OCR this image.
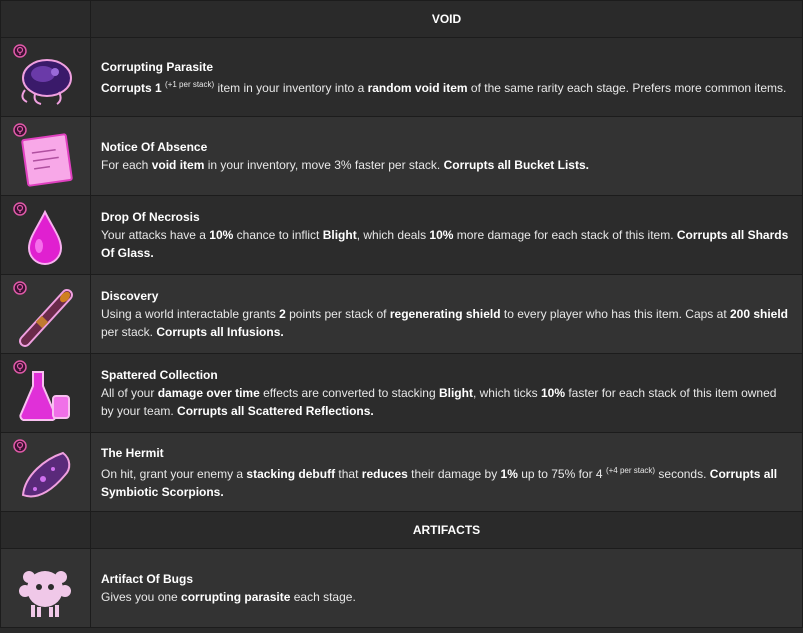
	VOID

Corrupting Parasite
Corrupts 1 $^{(+1 per stack)}$ item in your inventory into a random void item of the same rarity each stage. Prefers more common items.

Notice Of Absence
For each void item in your inventory, move 3% faster per stack. Corrupts all Bucket Lists.

Drop Of Necrosis
Your attacks have a 10% chance to inflict Blight, which deals 10% more damage for each stack of this item. Corrupts all Shards Of Glass.

Discovery
Using a world interactable grants 2 points per stack of regenerating shield to every player who has this item. Caps at 200 shield per stack. Corrupts all Infusions.

Spattered Collection
All of your damage over time effects are converted to stacking Blight, which ticks 10% faster for each stack of this item owned by your team. Corrupts all Scattered Reflections.

The Hermit
On hit, grant your enemy a stacking debuff that reduces their damage by 1% up to 75% for 4 $^{(+4 per stack)}$ seconds. Corrupts all Symbiotic Scorpions.
	ARTIFACTS

Artifact Of Bugs
Gives you one corrupting parasite each stage.
